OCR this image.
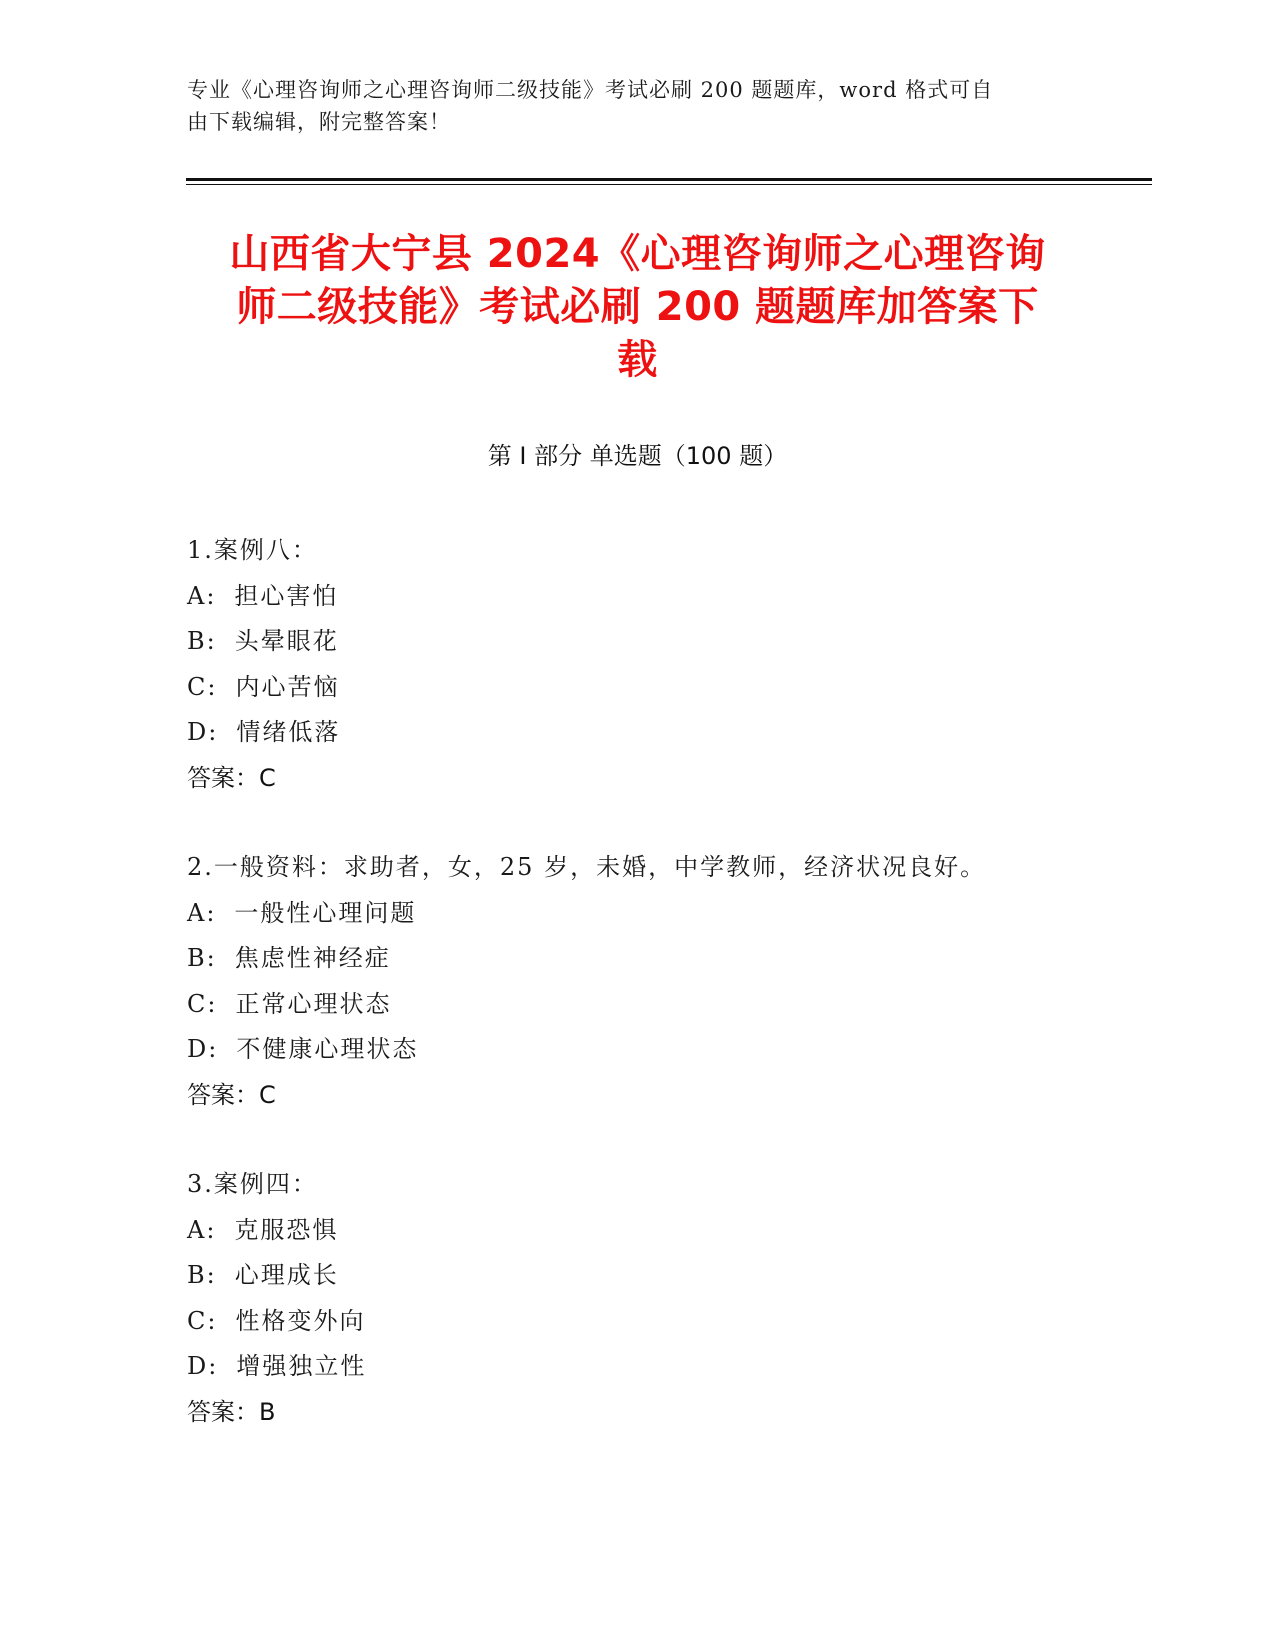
专业《心理咨询师之心理咨询师二级技能》考试必刷 200 题题库，word 格式可自
由下载编辑，附完整答案！
山西省大宁县 2024《心理咨询师之心理咨询
师二级技能》考试必刷 200 题题库加答案下
载
第 I 部分 单选题（100 题）
1.案例八：
A: 担心害怕
B: 头晕眼花
C: 内心苦恼
D: 情绪低落
答案：C
2.一般资料：求助者，女，25 岁，未婚，中学教师，经济状况良好。
A: 一般性心理问题
B: 焦虑性神经症
C: 正常心理状态
D: 不健康心理状态
答案：C
3.案例四：
A: 克服恐惧
B: 心理成长
C: 性格变外向
D: 增强独立性
答案：B
